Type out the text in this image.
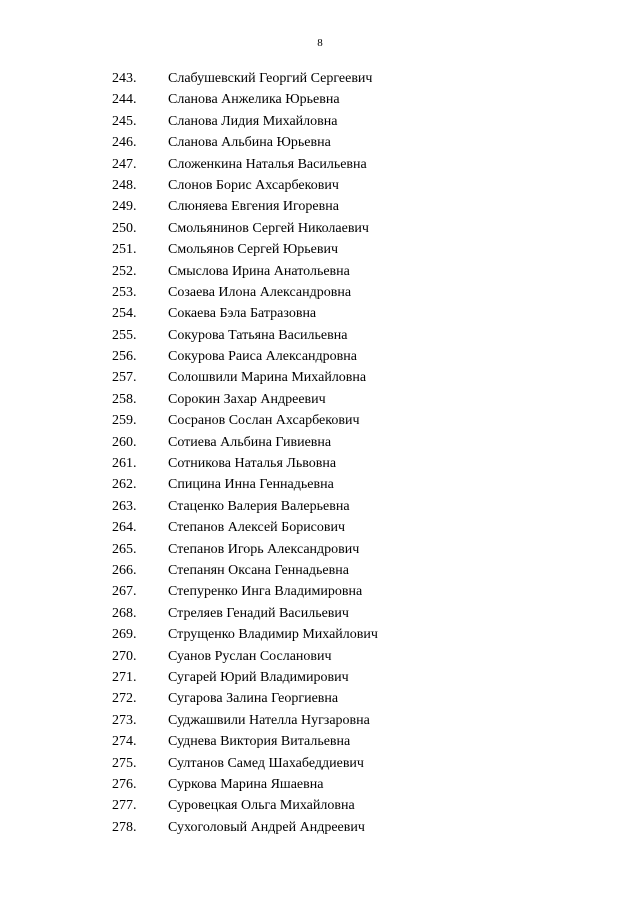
8
243. Слабушевский Георгий Сергеевич
244. Сланова Анжелика Юрьевна
245. Сланова Лидия Михайловна
246. Сланова Альбина Юрьевна
247. Сложенкина Наталья Васильевна
248. Слонов Борис Ахсарбекович
249. Слюняева Евгения Игоревна
250. Смольянинов Сергей Николаевич
251. Смольянов Сергей Юрьевич
252. Смыслова Ирина Анатольевна
253. Созаева Илона Александровна
254. Сокаева Бэла Батразовна
255. Сокурова Татьяна Васильевна
256. Сокурова Раиса Александровна
257. Солошвили Марина Михайловна
258. Сорокин Захар Андреевич
259. Сосранов Сослан Ахсарбекович
260. Сотиева Альбина Гивиевна
261. Сотникова Наталья Львовна
262. Спицина Инна Геннадьевна
263. Стаценко Валерия Валерьевна
264. Степанов Алексей Борисович
265. Степанов Игорь Александрович
266. Степанян Оксана Геннадьевна
267. Степуренко Инга Владимировна
268. Стреляев Генадий Васильевич
269. Струщенко Владимир Михайлович
270. Суанов Руслан Сосланович
271. Сугарей Юрий Владимирович
272. Сугарова Залина Георгиевна
273. Суджашвили Нателла Нугзаровна
274. Суднева Виктория Витальевна
275. Султанов Самед Шахабеддиевич
276. Суркова Марина Яшаевна
277. Суровецкая Ольга Михайловна
278. Сухоголовый Андрей Андреевич
